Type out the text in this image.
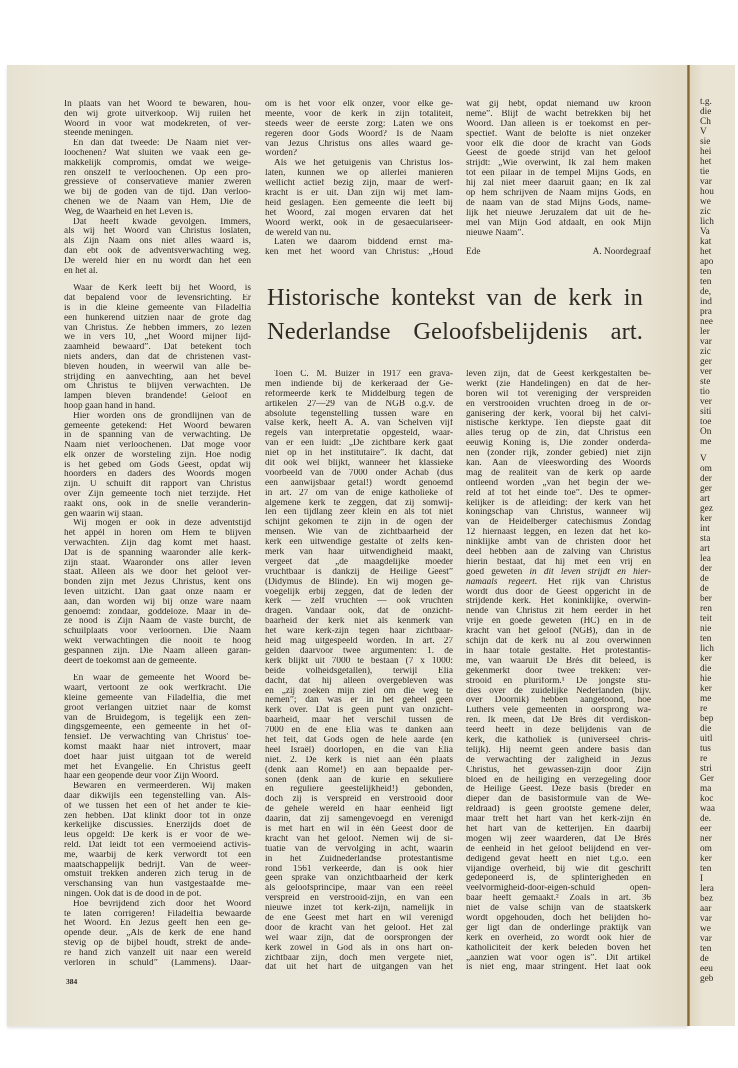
t.g.
die
Ch
V
sie
hei
het
tie
var
hou
we
zic
lich
Va
kat
het
apo
ten
ten
de,
ind
pra
nee
ler
var
zic
ger
ver
ste
tio
ver
siti
toe
On
me
V
om
der
ger
art
gez
ker
int
sta
art
lea
der
de
de
ber
ren
teit
nie
ten
lich
ker
die
hie
ker
me
re
bep
die
uitl
tus
re
stri
Ger
ma
koc
waa
de.
eer
ner
om
ker
ten
I
lera
bez
aar
var
we
var
ten
de
eeu
geb
In plaats van het Woord te bewaren, hou-
den wij grote uitverkoop. Wij ruilen het
Woord in voor wat modekreten, of ver-
steende meningen.
En dan dat tweede: De Naam niet ver-
loochenen? Wat sluiten we vaak een ge-
makkelijk compromis, omdat we weige-
ren onszelf te verloochenen. Op een pro-
gressieve of conservatieve manier zweren
we bij de goden van de tijd. Dan verloo-
chenen we de Naam van Hem, Die de
Weg, de Waarheid en het Leven is.
Dat heeft kwade gevolgen. Immers,
als wij het Woord van Christus loslaten,
als Zijn Naam ons niet alles waard is,
dan ebt ook de adventsverwachting weg.
De wereld hier en nu wordt dan het een
en het al.
Waar de Kerk leeft bij het Woord, is
dat bepalend voor de levensrichting. Er
is in die kleine gemeente van Filadelfia
een hunkerend uitzien naar de grote dag
van Christus. Ze hebben immers, zo lezen
we in vers 10, „het Woord mijner lijd-
zaamheid bewaard”. Dat betekent toch
niets anders, dan dat de christenen vast-
bleven houden, in weerwil van alle be-
strijding en aanvechting, aan het bevel
om Christus te blijven verwachten. De
lampen bleven brandende! Geloof en
hoop gaan hand in hand.
Hier worden ons de grondlijnen van de
gemeente getekend: Het Woord bewaren
in de spanning van de verwachting. De
Naam niet verloochenen. Dat moge voor
elk onzer de worsteling zijn. Hoe nodig
is het gebed om Gods Geest, opdat wij
hoorders en daders des Woords mogen
zijn. U schuift dit rapport van Christus
over Zijn gemeente toch niet terzijde. Het
raakt ons, ook in de snelle veranderin-
gen waarin wij staan.
Wij mogen er ook in deze adventstijd
het appèl in horen om Hem te blijven
verwachten. Zijn dag komt met haast.
Dat is de spanning waaronder alle kerk-
zijn staat. Waaronder ons aller leven
staat. Alleen als we door het geloof ver-
bonden zijn met Jezus Christus, kent ons
leven uitzicht. Dan gaat onze naam er
aan, dan worden wij bij onze ware naam
genoemd: zondaar, goddeloze. Maar in de-
ze nood is Zijn Naam de vaste burcht, de
schuilplaats voor verloornen. Die Naam
wekt verwachtingen die nooit te hoog
gespannen zijn. Die Naam alleen garan-
deert de toekomst aan de gemeente.
En waar de gemeente het Woord be-
waart, vertoont ze ook werfkracht. Die
kleine gemeente van Filadelfia, die met
groot verlangen uitziet naar de komst
van de Bruidegom, is tegelijk een zen-
dingsgemeente, een gemeente in het of-
fensief. De verwachting van Christus' toe-
komst maakt haar niet introvert, maar
doet haar juist uitgaan tot de wereld
met het Evangelie. En Christus geeft
haar een geopende deur voor Zijn Woord.
Bewaren en vermeerderen. Wij maken
daar dikwijls een tegenstelling van. Als-
of we tussen het een of het ander te kie-
zen hebben. Dat klinkt door tot in onze
kerkelijke discussies. Enerzijds doet de
leus opgeld: De kerk is er voor de we-
reld. Dat leidt tot een vermoeiend activis-
me, waarbij de kerk verwordt tot een
maatschappelijk bedrijf. Van de weer-
omstuit trekken anderen zich terug in de
verschansing van hun vastgestaafde me-
ningen. Ook dat is de dood in de pot.
Hoe bevrijdend zich door het Woord
te laten corrigeren! Filadelfia bewaarde
het Woord. En Jezus geeft hen een ge-
opende deur. „Als de kerk de ene hand
stevig op de bijbel houdt, strekt de ande-
re hand zich vanzelf uit naar een wereld
verloren in schuld” (Lammens). Daar-
om is het voor elk onzer, voor elke ge-
meente, voor de kerk in zijn totaliteit,
steeds weer de eerste zorg: Laten we ons
regeren door Gods Woord? Is de Naam
van Jezus Christus ons alles waard ge-
worden?
Als we het getuigenis van Christus los-
laten, kunnen we op allerlei manieren
wellicht actief bezig zijn, maar de werf-
kracht is er uit. Dan zijn wij met lam-
heid geslagen. Een gemeente die leeft bij
het Woord, zal mogen ervaren dat het
Woord werkt, ook in de gesaeculariseer-
de wereld van nu.
Laten we daarom biddend ernst ma-
ken met het woord van Christus: „Houd
wat gij hebt, opdat niemand uw kroon
neme”. Blijf de wacht betrekken bij het
Woord. Dan alleen is er toekomst en per-
spectief. Want de belofte is niet onzeker
voor elk die door de kracht van Gods
Geest de goede strijd van het geloof
strijdt: „Wie overwint, Ik zal hem maken
tot een pilaar in de tempel Mijns Gods, en
hij zal niet meer daaruit gaan; en Ik zal
op hem schrijven de Naam mijns Gods, en
de naam van de stad Mijns Gods, name-
lijk het nieuwe Jeruzalem dat uit de he-
mel van Mijn God afdaalt, en ook Mijn
nieuwe Naam”.
Ede	A. Noordegraaf
Historische kontekst van de kerk in
Nederlandse Geloofsbelijdenis art.
Toen C. M. Buizer in 1917 een grava-
men indiende bij de kerkeraad der Ge-
reformeerde kerk te Middelburg tegen de
artikelen 27—29 van de NGB o.g.v. de
absolute tegenstelling tussen ware en
valse kerk, heeft A. A. van Schelven vijf
regels van interpretatie opgesteld, waar-
van er een luidt: „De zichtbare kerk gaat
niet op in het institutaire”. Ik dacht, dat
dit ook wel blijkt, wanneer het klassieke
voorbeeld van de 7000 onder Achab (dus
een aanwijsbaar getal!) wordt genoemd
in art. 27 om van de enige katholieke of
algemene kerk te zeggen, dat zij somwij-
len een tijdlang zeer klein en als tot niet
schijnt gekomen te zijn in de ogen der
mensen. Wie van de zichtbaarheid der
kerk een uitwendige gestalte of zelfs ken-
merk van haar uitwendigheid maakt,
vergeet dat „de maagdelijke moeder
vruchtbaar is dankzij de Heilige Geest”
(Didymus de Blinde). En wij mogen ge-
voegelijk erbij zeggen, dat de leden der
kerk — zelf vruchten — ook vruchten
dragen. Vandaar ook, dat de onzicht-
baarheid der kerk niet als kenmerk van
het ware kerk-zijn tegen haar zichtbaar-
heid mag uitgespeeld worden. In art. 27
gelden daarvoor twee argumenten: 1. de
kerk blijkt uit 7000 te bestaan (7 x 1000:
beide volheidsgetallen), terwijl Elia
dacht, dat hij alleen overgebleven was
en „zij zoeken mijn ziel om die weg te
nemen”; dan was er in het geheel geen
kerk over. Dat is geen punt van onzicht-
baarheid, maar het verschil tussen de
7000 en de ene Elia was te danken aan
het feit, dat Gods ogen de hele aarde (en
heel Israël) doorlopen, en die van Elia
niet. 2. De kerk is niet aan één plaats
(denk aan Rome!) en aan bepaalde per-
sonen (denk aan de kurie en sekuliere
en reguliere geestelijkheid!) gebonden,
doch zij is verspreid en verstrooid door
de gehele wereld en haar eenheid ligt
daarin, dat zij samengevoegd en verenigd
is met hart en wil in één Geest door de
kracht van het geloof. Nemen wij de si-
tuatie van de vervolging in acht, waarin
in het Zuidnederlandse protestantisme
rond 1561 verkeerde, dan is ook hier
geen sprake van onzichtbaarheid der kerk
als geloofsprincipe, maar van een reëel
verspreid en verstrooid-zijn, en van een
nieuwe inzet tot kerk-zijn, namelijk in
de ene Geest met hart en wil verenigd
door de kracht van het geloof. Het zal
wel waar zijn, dat de oorsprongen der
kerk zowel in God als in ons hart on-
zichtbaar zijn, doch men vergete niet,
dat uit het hart de uitgangen van het
leven zijn, dat de Geest kerkgestalten be-
werkt (zie Handelingen) en dat de her-
boren wil tot vereniging der verspreiden
en verstrooiden vruchten droeg in de or-
ganisering der kerk, vooral bij het calvi-
nistische kerktype. Ten diepste gaat dit
alles terug op de zin, dat Christus een
eeuwig Koning is, Die zonder onderda-
nen (zonder rijk, zonder gebied) niet zijn
kan. Aan de vleeswording des Woords
mag de realiteit van de kerk op aarde
ontleend worden „van het begin der we-
reld af tot het einde toe”. Des te opmer-
kelijker is de afleiding: der kerk van het
koningschap van Christus, wanneer wij
van de Heidelberger catechismus Zondag
12 hiernaast leggen, en lezen dat het ko-
ninklijke ambt van de christen door het
deel hebben aan de zalving van Christus
hierin bestaat, dat hij met een vrij en
goed geweten in dit leven strijdt en hier-
namaals regeert. Het rijk van Christus
wordt dus door de Geest opgericht in de
strijdende kerk. Het koninklijke, overwin-
nende van Christus zit hem eerder in het
vrije en goede geweten (HC) en in de
kracht van het geloof (NGB), dan in de
schijn dat de kerk nu al zou overwinnen
in haar totale gestalte. Het protestantis-
me, van waaruit De Brès dit beleed, is
gekenmerkt door twee trekken: ver-
strooid en pluriform.¹ De jongste stu-
dies over de zuidelijke Nederlanden (bijv.
over Doornik) hebben aangetoond, hoe
Luthers vele gemeenten in oorsprong wa-
ren. Ik meen, dat De Brès dit verdiskon-
teerd heeft in deze belijdenis van de
kerk, die katholiek is (universeel chris-
telijk). Hij neemt geen andere basis dan
de verwachting der zaligheid in Jezus
Christus, het gewassen-zijn door Zijn
bloed en de heiliging en verzegeling door
de Heilige Geest. Deze basis (breder en
dieper dan de basisformule van de We-
reldraad) is geen grootste gemene deler,
maar treft het hart van het kerk-zijn én
het hart van de ketterijen. En daarbij
mogen wij zeer waarderen, dat De Brès
de eenheid in het geloof belijdend en ver-
dedigend gevat heeft en niet t.g.o. een
vijandige overheid, bij wie dit geschrift
gedeponeerd is, de splinterigheden en
veelvormigheid-door-eigen-schuld open-
baar heeft gemaakt.² Zoals in art. 36
niet de valse schijn van de staatskerk
wordt opgehouden, doch het belijden ho-
ger ligt dan de onderlinge praktijk van
kerk en overheid, zo wordt ook hier de
katholiciteit der kerk beleden boven het
„aanzien wat voor ogen is”. Dit artikel
is niet eng, maar stringent. Het laat ook
384
